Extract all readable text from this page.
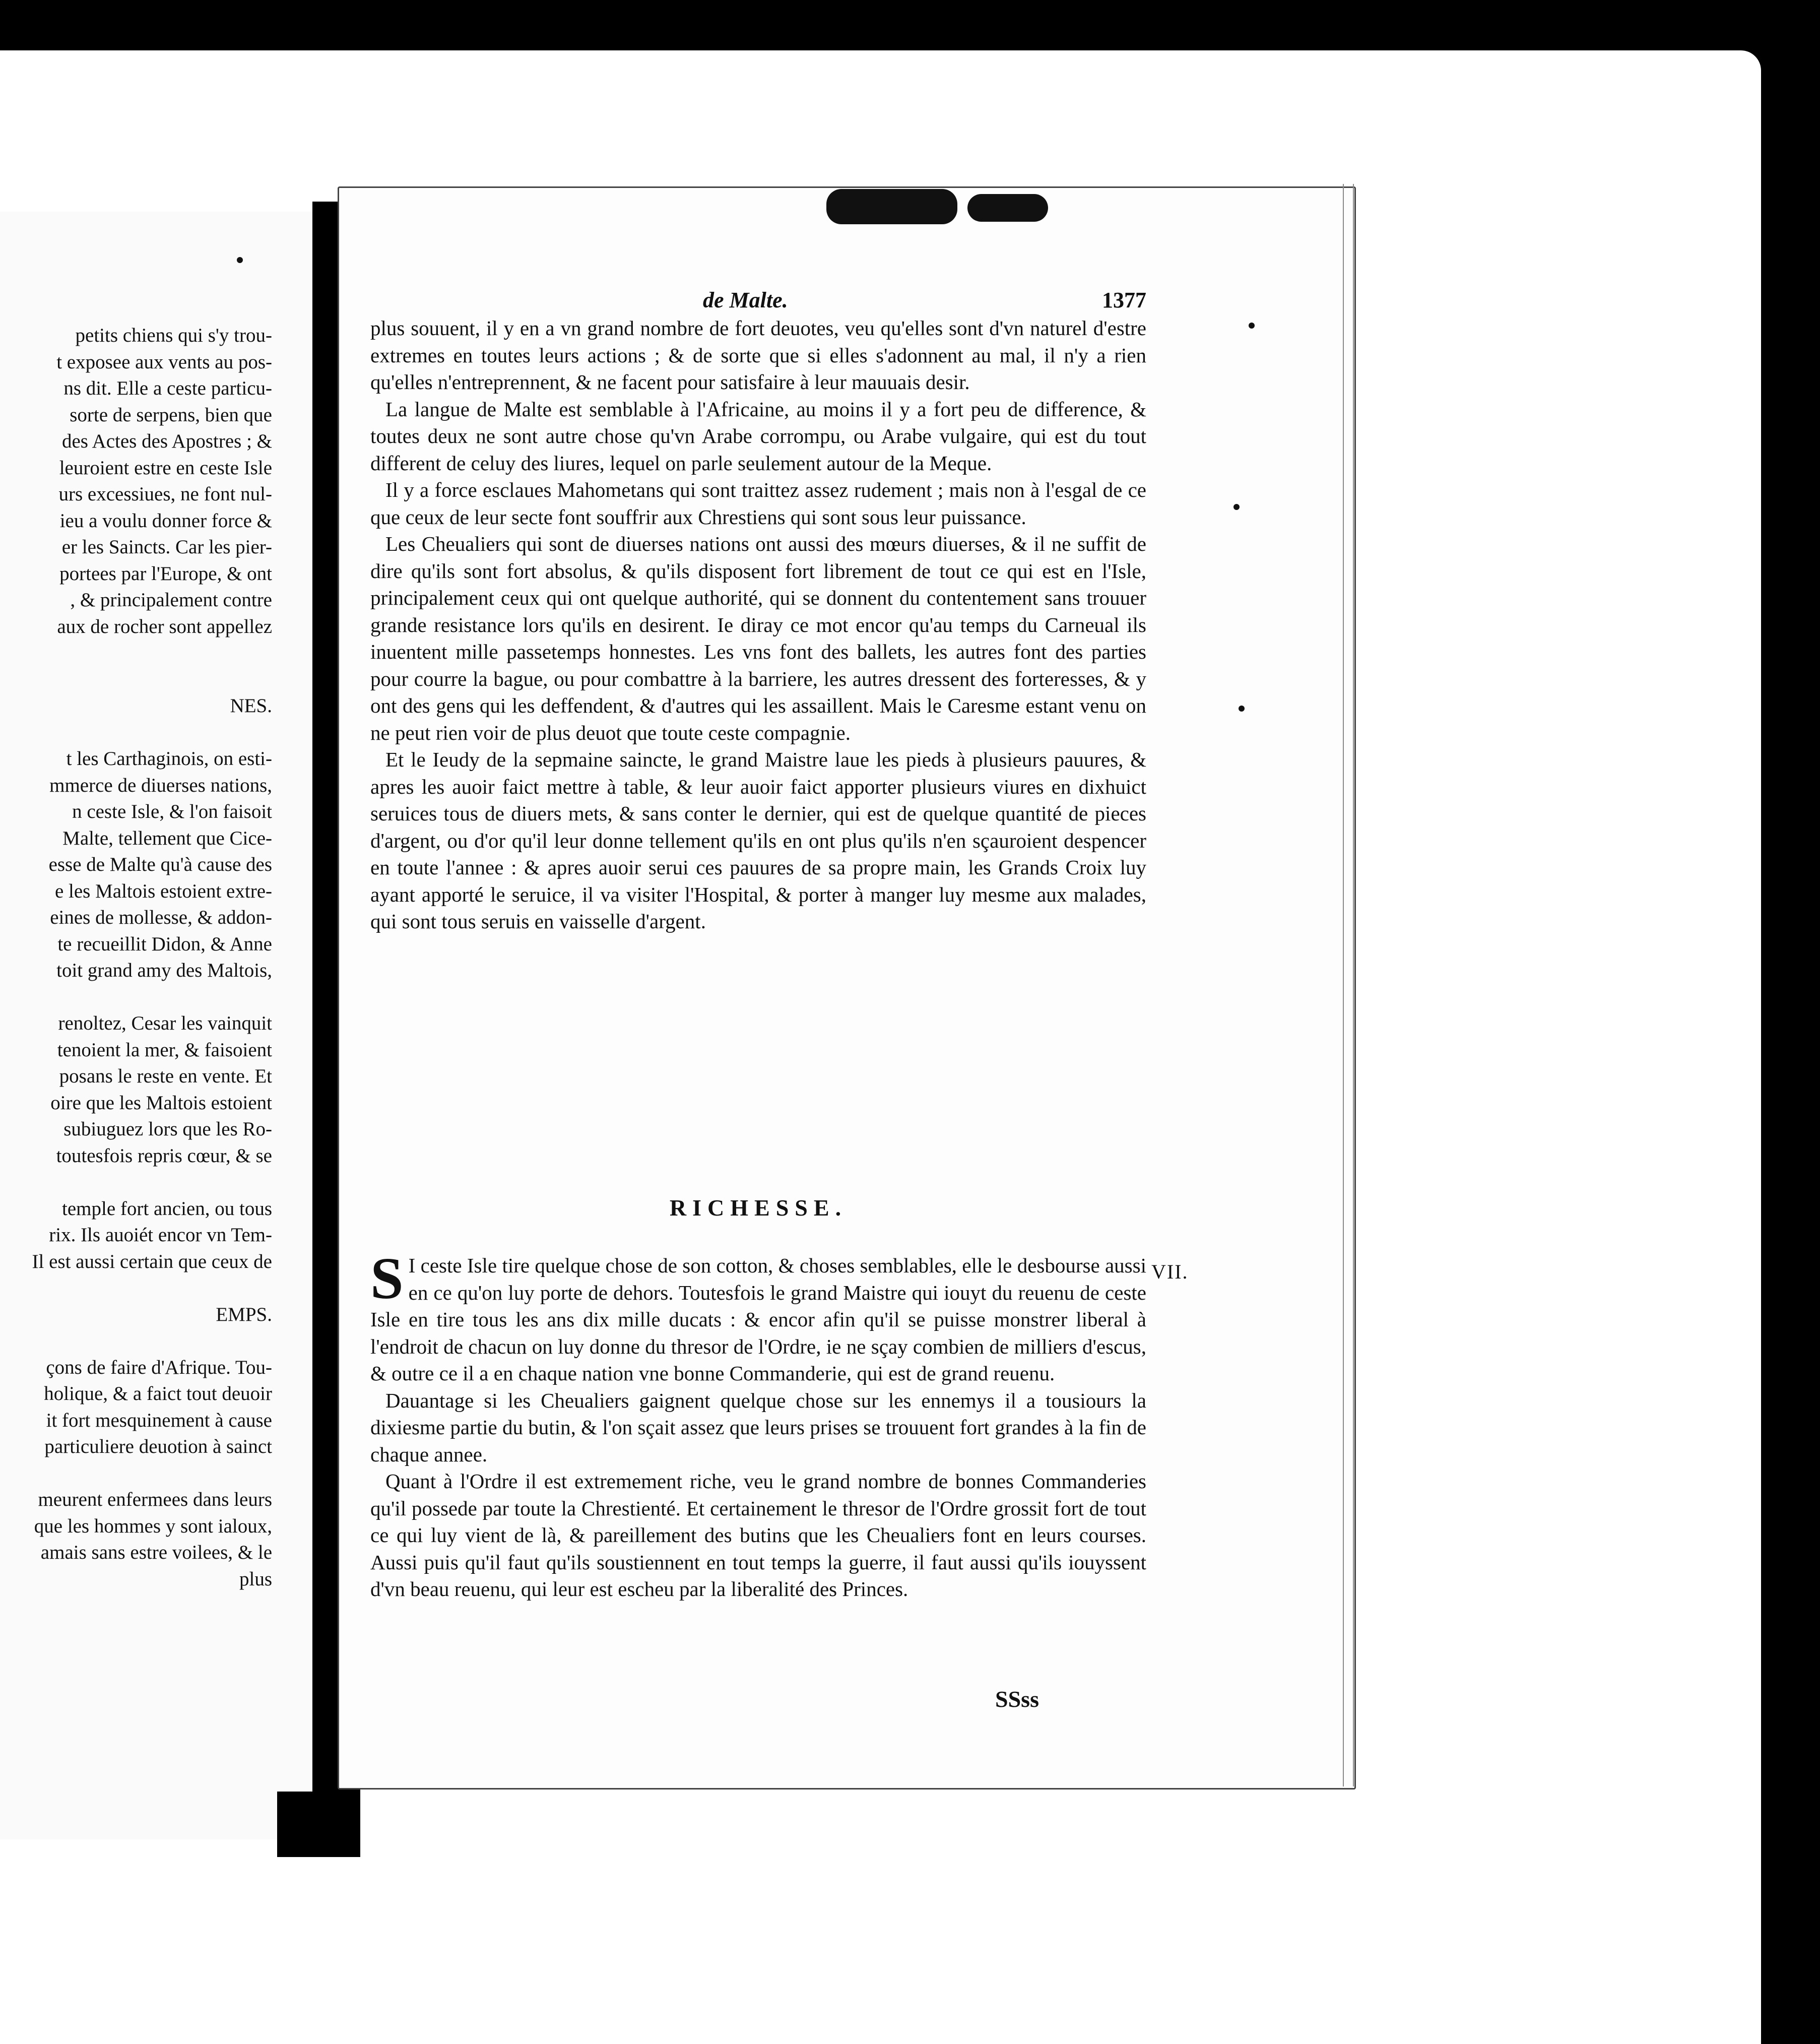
petits chiens qui s'y trou-
t exposee aux vents au pos-
ns dit. Elle a ceste particu-
sorte de serpens, bien que
des Actes des Apostres ; &
leuroient estre en ceste Isle
urs excessiues, ne font nul-
ieu a voulu donner force &
er les Saincts. Car les pier-
portees par l'Europe, & ont
, & principalement contre
aux de rocher sont appellez
NES.
t les Carthaginois, on esti-
mmerce de diuerses nations,
n ceste Isle, & l'on faisoit
Malte, tellement que Cice-
esse de Malte qu'à cause des
e les Maltois estoient extre-
eines de mollesse, & addon-
te recueillit Didon, & Anne
toit grand amy des Maltois,
renoltez, Cesar les vainquit
tenoient la mer, & faisoient
posans le reste en vente. Et
oire que les Maltois estoient
subiuguez lors que les Ro-
toutesfois repris cœur, & se
temple fort ancien, ou tous
rix. Ils auoiét encor vn Tem-
Il est aussi certain que ceux de
EMPS.
çons de faire d'Afrique. Tou-
holique, & a faict tout deuoir
it fort mesquinement à cause
particuliere deuotion à sainct
meurent enfermees dans leurs
que les hommes y sont ialoux,
amais sans estre voilees, & le
plus
de Malte.	1377

plus souuent, il y en a vn grand nombre de fort deuotes, veu qu'elles sont d'vn naturel d'estre extremes en toutes leurs actions ; & de sorte que si elles s'adonnent au mal, il n'y a rien qu'elles n'entreprennent, & ne facent pour satisfaire à leur mauuais desir.

La langue de Malte est semblable à l'Africaine, au moins il y a fort peu de difference, & toutes deux ne sont autre chose qu'vn Arabe corrompu, ou Arabe vulgaire, qui est du tout different de celuy des liures, lequel on parle seulement autour de la Meque.

Il y a force esclaues Mahometans qui sont traittez assez rudement ; mais non à l'esgal de ce que ceux de leur secte font souffrir aux Chrestiens qui sont sous leur puissance.

Les Cheualiers qui sont de diuerses nations ont aussi des mœurs diuerses, & il ne suffit de dire qu'ils sont fort absolus, & qu'ils disposent fort librement de tout ce qui est en l'Isle, principalement ceux qui ont quelque authorité, qui se donnent du contentement sans trouuer grande resistance lors qu'ils en desirent. Ie diray ce mot encor qu'au temps du Carneual ils inuentent mille passetemps honnestes. Les vns font des ballets, les autres font des parties pour courre la bague, ou pour combattre à la barriere, les autres dressent des forteresses, & y ont des gens qui les deffendent, & d'autres qui les assaillent. Mais le Caresme estant venu on ne peut rien voir de plus deuot que toute ceste compagnie.

Et le Ieudy de la sepmaine saincte, le grand Maistre laue les pieds à plusieurs pauures, & apres les auoir faict mettre à table, & leur auoir faict apporter plusieurs viures en dixhuict seruices tous de diuers mets, & sans conter le dernier, qui est de quelque quantité de pieces d'argent, ou d'or qu'il leur donne tellement qu'ils en ont plus qu'ils n'en sçauroient despencer en toute l'annee : & apres auoir serui ces pauures de sa propre main, les Grands Croix luy ayant apporté le seruice, il va visiter l'Hospital, & porter à manger luy mesme aux malades, qui sont tous seruis en vaisselle d'argent.

RICHESSE.
VII.

S I ceste Isle tire quelque chose de son cotton, & choses semblables, elle le desbourse aussi en ce qu'on luy porte de dehors. Toutesfois le grand Maistre qui iouyt du reuenu de ceste Isle en tire tous les ans dix mille ducats : & encor afin qu'il se puisse monstrer liberal à l'endroit de chacun on luy donne du thresor de l'Ordre, ie ne sçay combien de milliers d'escus, & outre ce il a en chaque nation vne bonne Commanderie, qui est de grand reuenu.

Dauantage si les Cheualiers gaignent quelque chose sur les ennemys il a tousiours la dixiesme partie du butin, & l'on sçait assez que leurs prises se trouuent fort grandes à la fin de chaque annee.

Quant à l'Ordre il est extremement riche, veu le grand nombre de bonnes Commanderies qu'il possede par toute la Chrestienté. Et certainement le thresor de l'Ordre grossit fort de tout ce qui luy vient de là, & pareillement des butins que les Cheualiers font en leurs courses. Aussi puis qu'il faut qu'ils soustiennent en tout temps la guerre, il faut aussi qu'ils iouyssent d'vn beau reuenu, qui leur est escheu par la liberalité des Princes.

SSss
